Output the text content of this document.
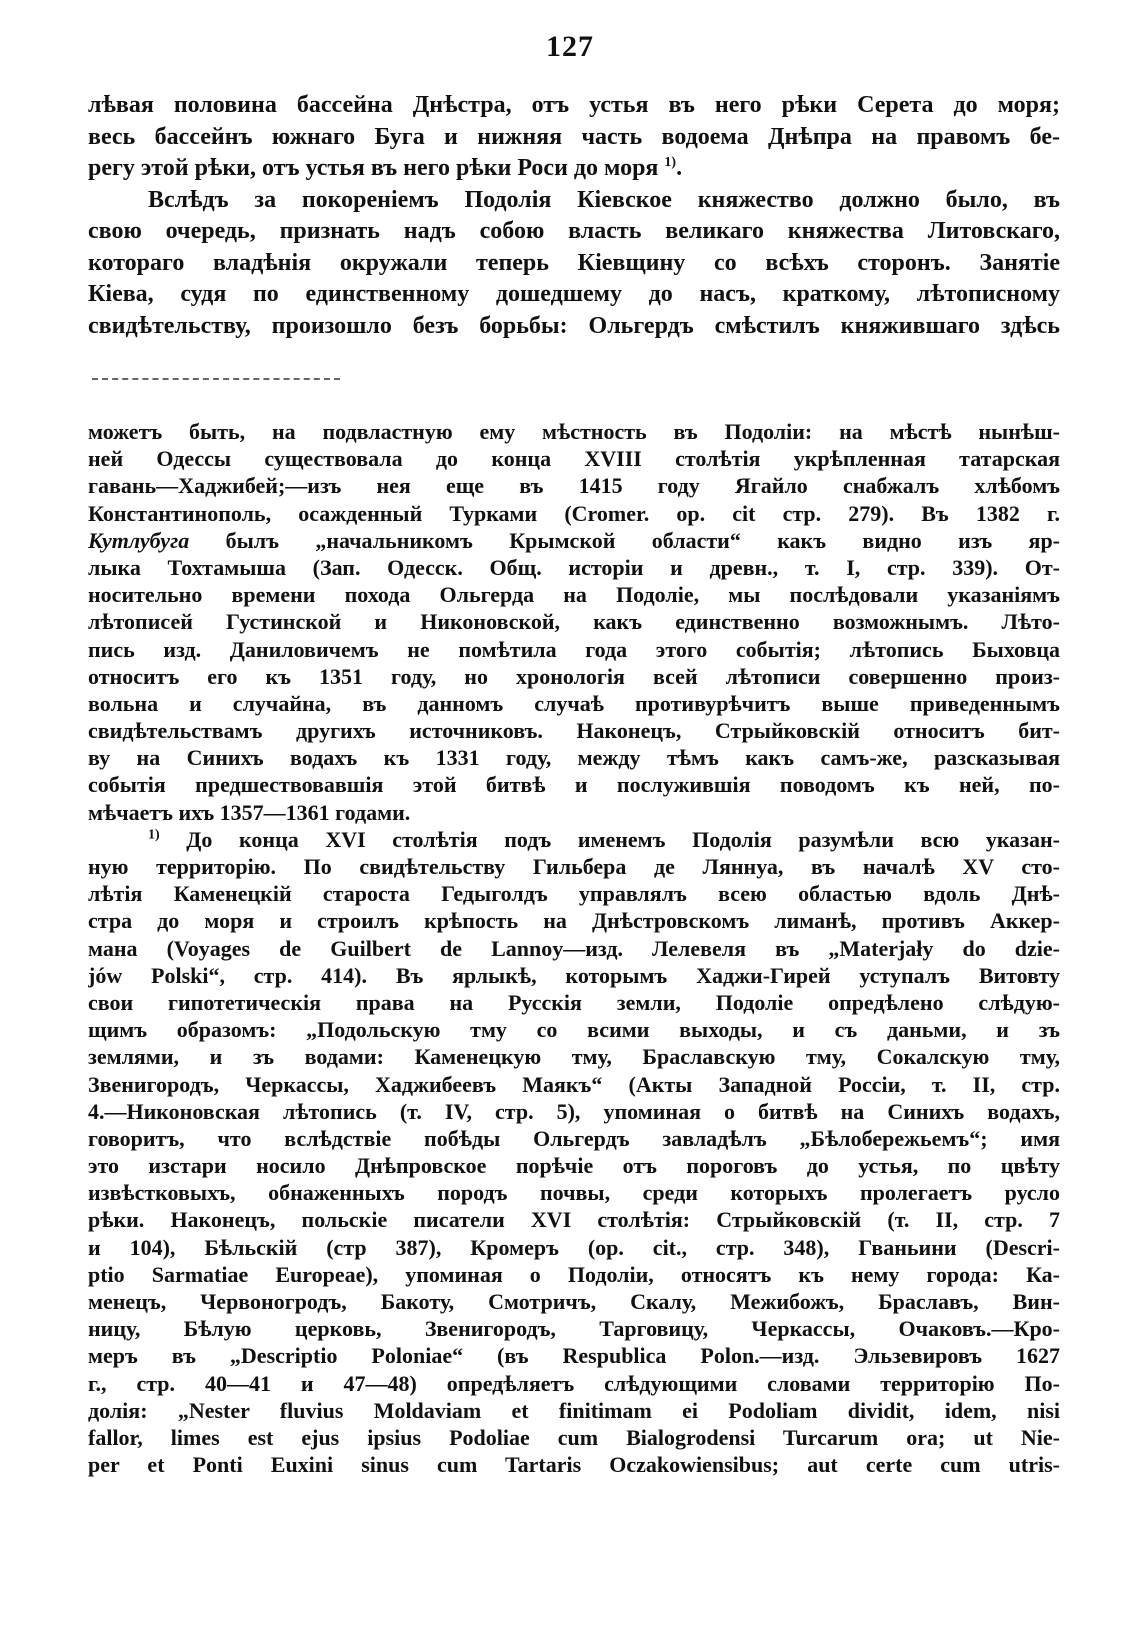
127
лѣвая половина бассейна Днѣстра, отъ устья въ него рѣки Серета до моря;
весь бассейнъ южнаго Буга и нижняя часть водоема Днѣпра на правомъ бе-
регу этой рѣки, отъ устья въ него рѣки Роси до моря $^{1)}$.
Вслѣдъ за покореніемъ Подолія Кіевское княжество должно было, въ
свою очередь, признать надъ собою власть великаго княжества Литовскаго,
котораго владѣнія окружали теперь Кіевщину со всѣхъ сторонъ. Занятіе
Кіева, судя по единственному дошедшему до насъ, краткому, лѣтописному
свидѣтельству, произошло безъ борьбы: Ольгердъ смѣстилъ княжившаго здѣсь
можетъ быть, на подвластную ему мѣстность въ Подоліи: на мѣстѣ нынѣш-
ней Одессы существовала до конца XVIII столѣтія укрѣпленная татарская
гавань—Хаджибей;—изъ нея еще въ 1415 году Ягайло снабжалъ хлѣбомъ
Константинополь, осажденный Турками (Cromer. op. cit стр. 279). Въ 1382 г.
Кутлубуга былъ „начальникомъ Крымской области“ какъ видно изъ яр-
лыка Тохтамыша (Зап. Одесск. Общ. исторіи и древн., т. I, стр. 339). От-
носительно времени похода Ольгерда на Подолiе, мы послѣдовали указаніямъ
лѣтописей Густинской и Никоновской, какъ единственно возможнымъ. Лѣто-
пись изд. Даниловичемъ не помѣтила года этого событія; лѣтопись Быховца
относитъ его къ 1351 году, но хронологія всей лѣтописи совершенно произ-
вольна и случайна, въ данномъ случаѣ противурѣчитъ выше приведеннымъ
свидѣтельствамъ другихъ источниковъ. Наконецъ, Стрыйковскій относитъ бит-
ву на Синихъ водахъ къ 1331 году, между тѣмъ какъ самъ-же, разсказывая
событія предшествовавшія этой битвѣ и послужившія поводомъ къ ней, по-
мѣчаетъ ихъ 1357—1361 годами.
$^{1)}$ До конца XVI столѣтія подъ именемъ Подолія разумѣли всю указан-
ную территорію. По свидѣтельству Гильбера де Ляннуа, въ началѣ XV сто-
лѣтія Каменецкій староста Гедыголдъ управлялъ всею областью вдоль Днѣ-
стра до моря и строилъ крѣпость на Днѣстровскомъ лиманѣ, противъ Аккер-
мана (Voyages de Guilbert de Lannoy—изд. Лелевеля въ „Materjały do dzie-
jów Polski“, стр. 414). Въ ярлыкѣ, которымъ Хаджи-Гирей уступалъ Витовту
свои гипотетическія права на Русскія земли, Подоліе опредѣлено слѣдую-
щимъ образомъ: „Подольскую тму со всими выходы, и съ даньми, и зъ
землями, и зъ водами: Каменецкую тму, Браславскую тму, Сокалскую тму,
Звенигородъ, Черкассы, Хаджибеевъ Маякъ“ (Акты Западной Россіи, т. II, стр.
4.—Никоновская лѣтопись (т. IV, стр. 5), упоминая о битвѣ на Синихъ водахъ,
говоритъ, что вслѣдствіе побѣды Ольгердъ завладѣлъ „Бѣлобережьемъ“; имя
это изстари носило Днѣпровское порѣчіе отъ пороговъ до устья, по цвѣту
извѣстковыхъ, обнаженныхъ породъ почвы, среди которыхъ пролегаетъ русло
рѣки. Наконецъ, польскіе писатели XVI столѣтія: Стрыйковскій (т. II, стр. 7
и 104), Бѣльскій (стр 387), Кромеръ (op. cit., стр. 348), Гваньини (Descri-
ptio Sarmatiae Europeae), упоминая о Подоліи, относятъ къ нему города: Ка-
менецъ, Червоногродъ, Бакоту, Смотричъ, Скалу, Межибожъ, Браславъ, Вин-
ницу, Бѣлую церковь, Звенигородъ, Тарговицу, Черкассы, Очаковъ.—Кро-
меръ въ „Descriptio Poloniae“ (въ Respublica Polon.—изд. Эльзевировъ 1627
г., стр. 40—41 и 47—48) опредѣляетъ слѣдующими словами территорію По-
долія: „Nester fluvius Moldaviam et finitimam ei Podoliam dividit, idem, nisi
fallor, limes est ejus ipsius Podoliae cum Bialogrodensi Turcarum ora; ut Nie-
per et Ponti Euxini sinus cum Tartaris Oczakowiensibus; aut certe cum utris-
